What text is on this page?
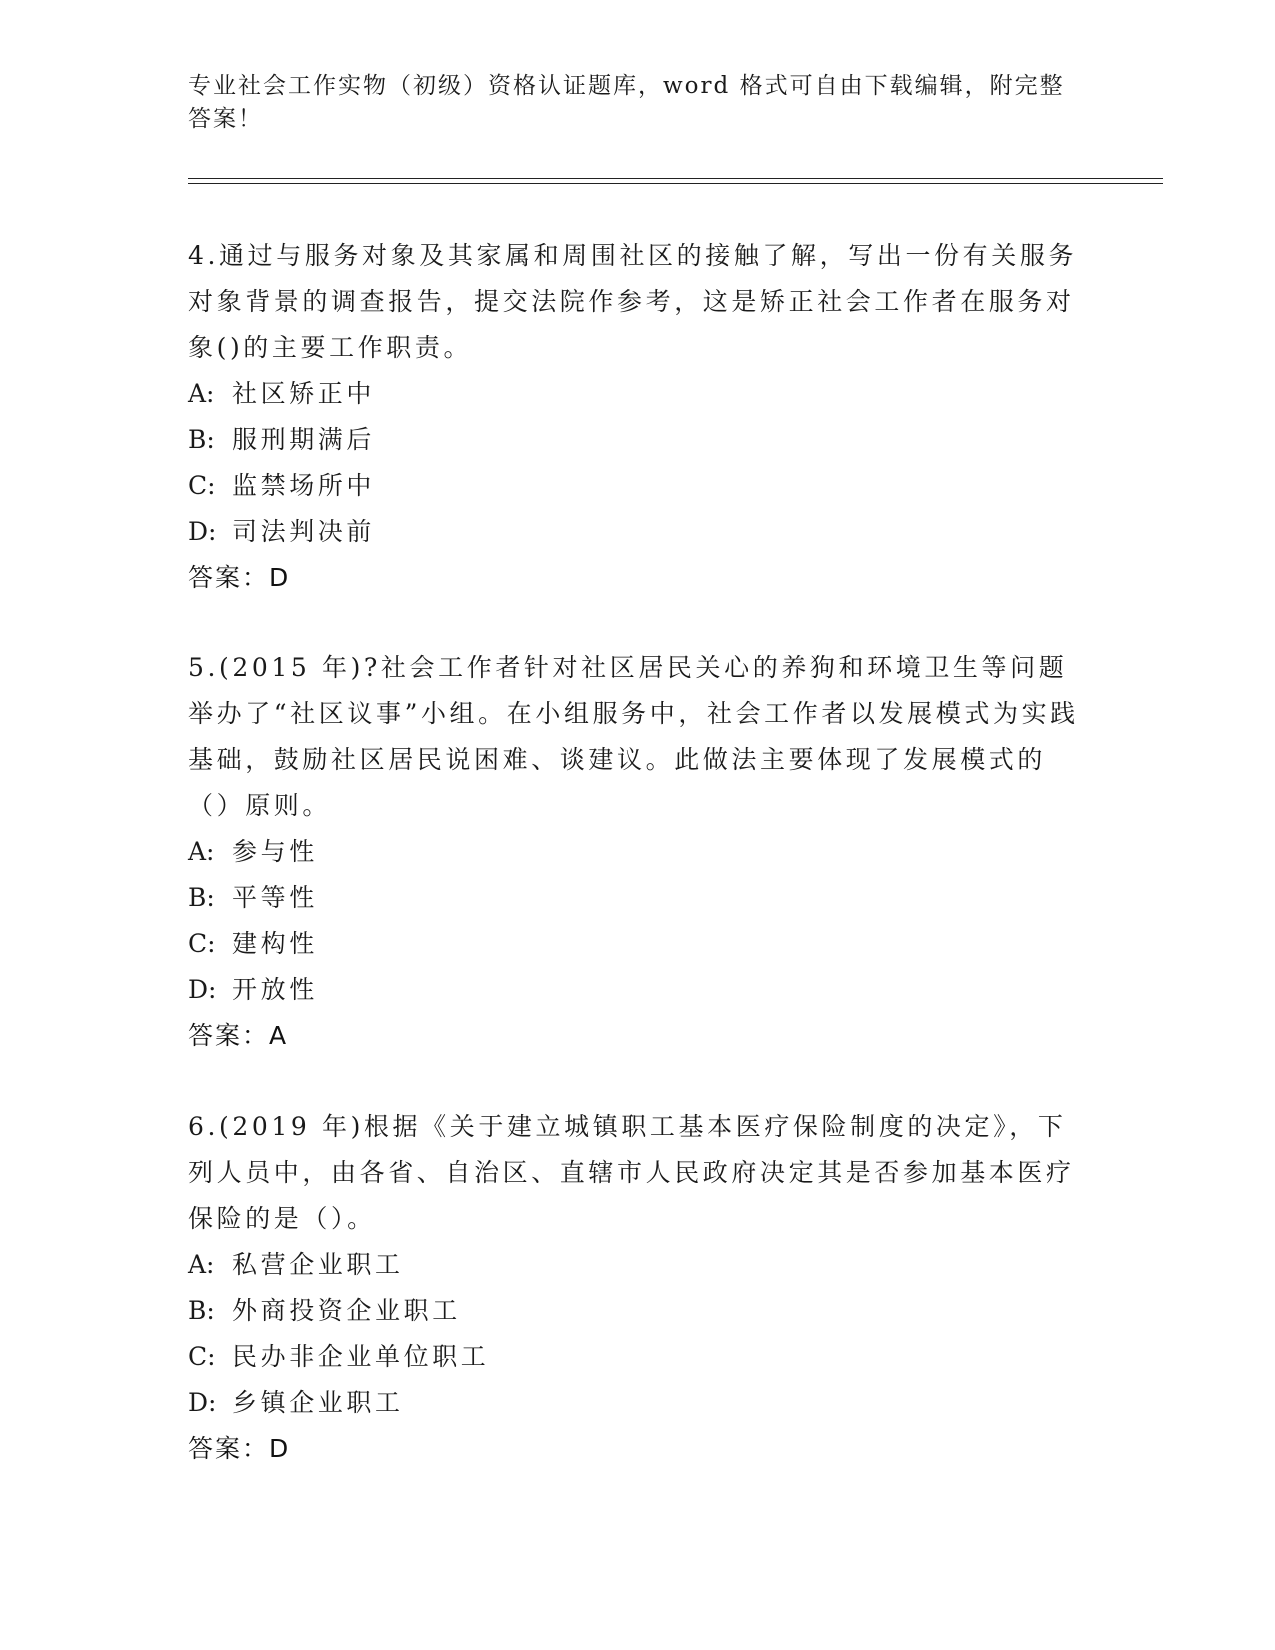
专业社会工作实物（初级）资格认证题库，word 格式可自由下载编辑，附完整答案！

4.通过与服务对象及其家属和周围社区的接触了解，写出一份有关服务对象背景的调查报告，提交法院作参考，这是矫正社会工作者在服务对象()的主要工作职责。

A: 社区矫正中

B: 服刑期满后

C: 监禁场所中

D: 司法判决前

答案：D

5.(2015 年)?社会工作者针对社区居民关心的养狗和环境卫生等问题举办了“社区议事”小组。在小组服务中，社会工作者以发展模式为实践基础，鼓励社区居民说困难、谈建议。此做法主要体现了发展模式的（）原则。

A: 参与性

B: 平等性

C: 建构性

D: 开放性

答案：A

6.(2019 年)根据《关于建立城镇职工基本医疗保险制度的决定》，下列人员中，由各省、自治区、直辖市人民政府决定其是否参加基本医疗保险的是（）。

A: 私营企业职工

B: 外商投资企业职工

C: 民办非企业单位职工

D: 乡镇企业职工

答案：D
